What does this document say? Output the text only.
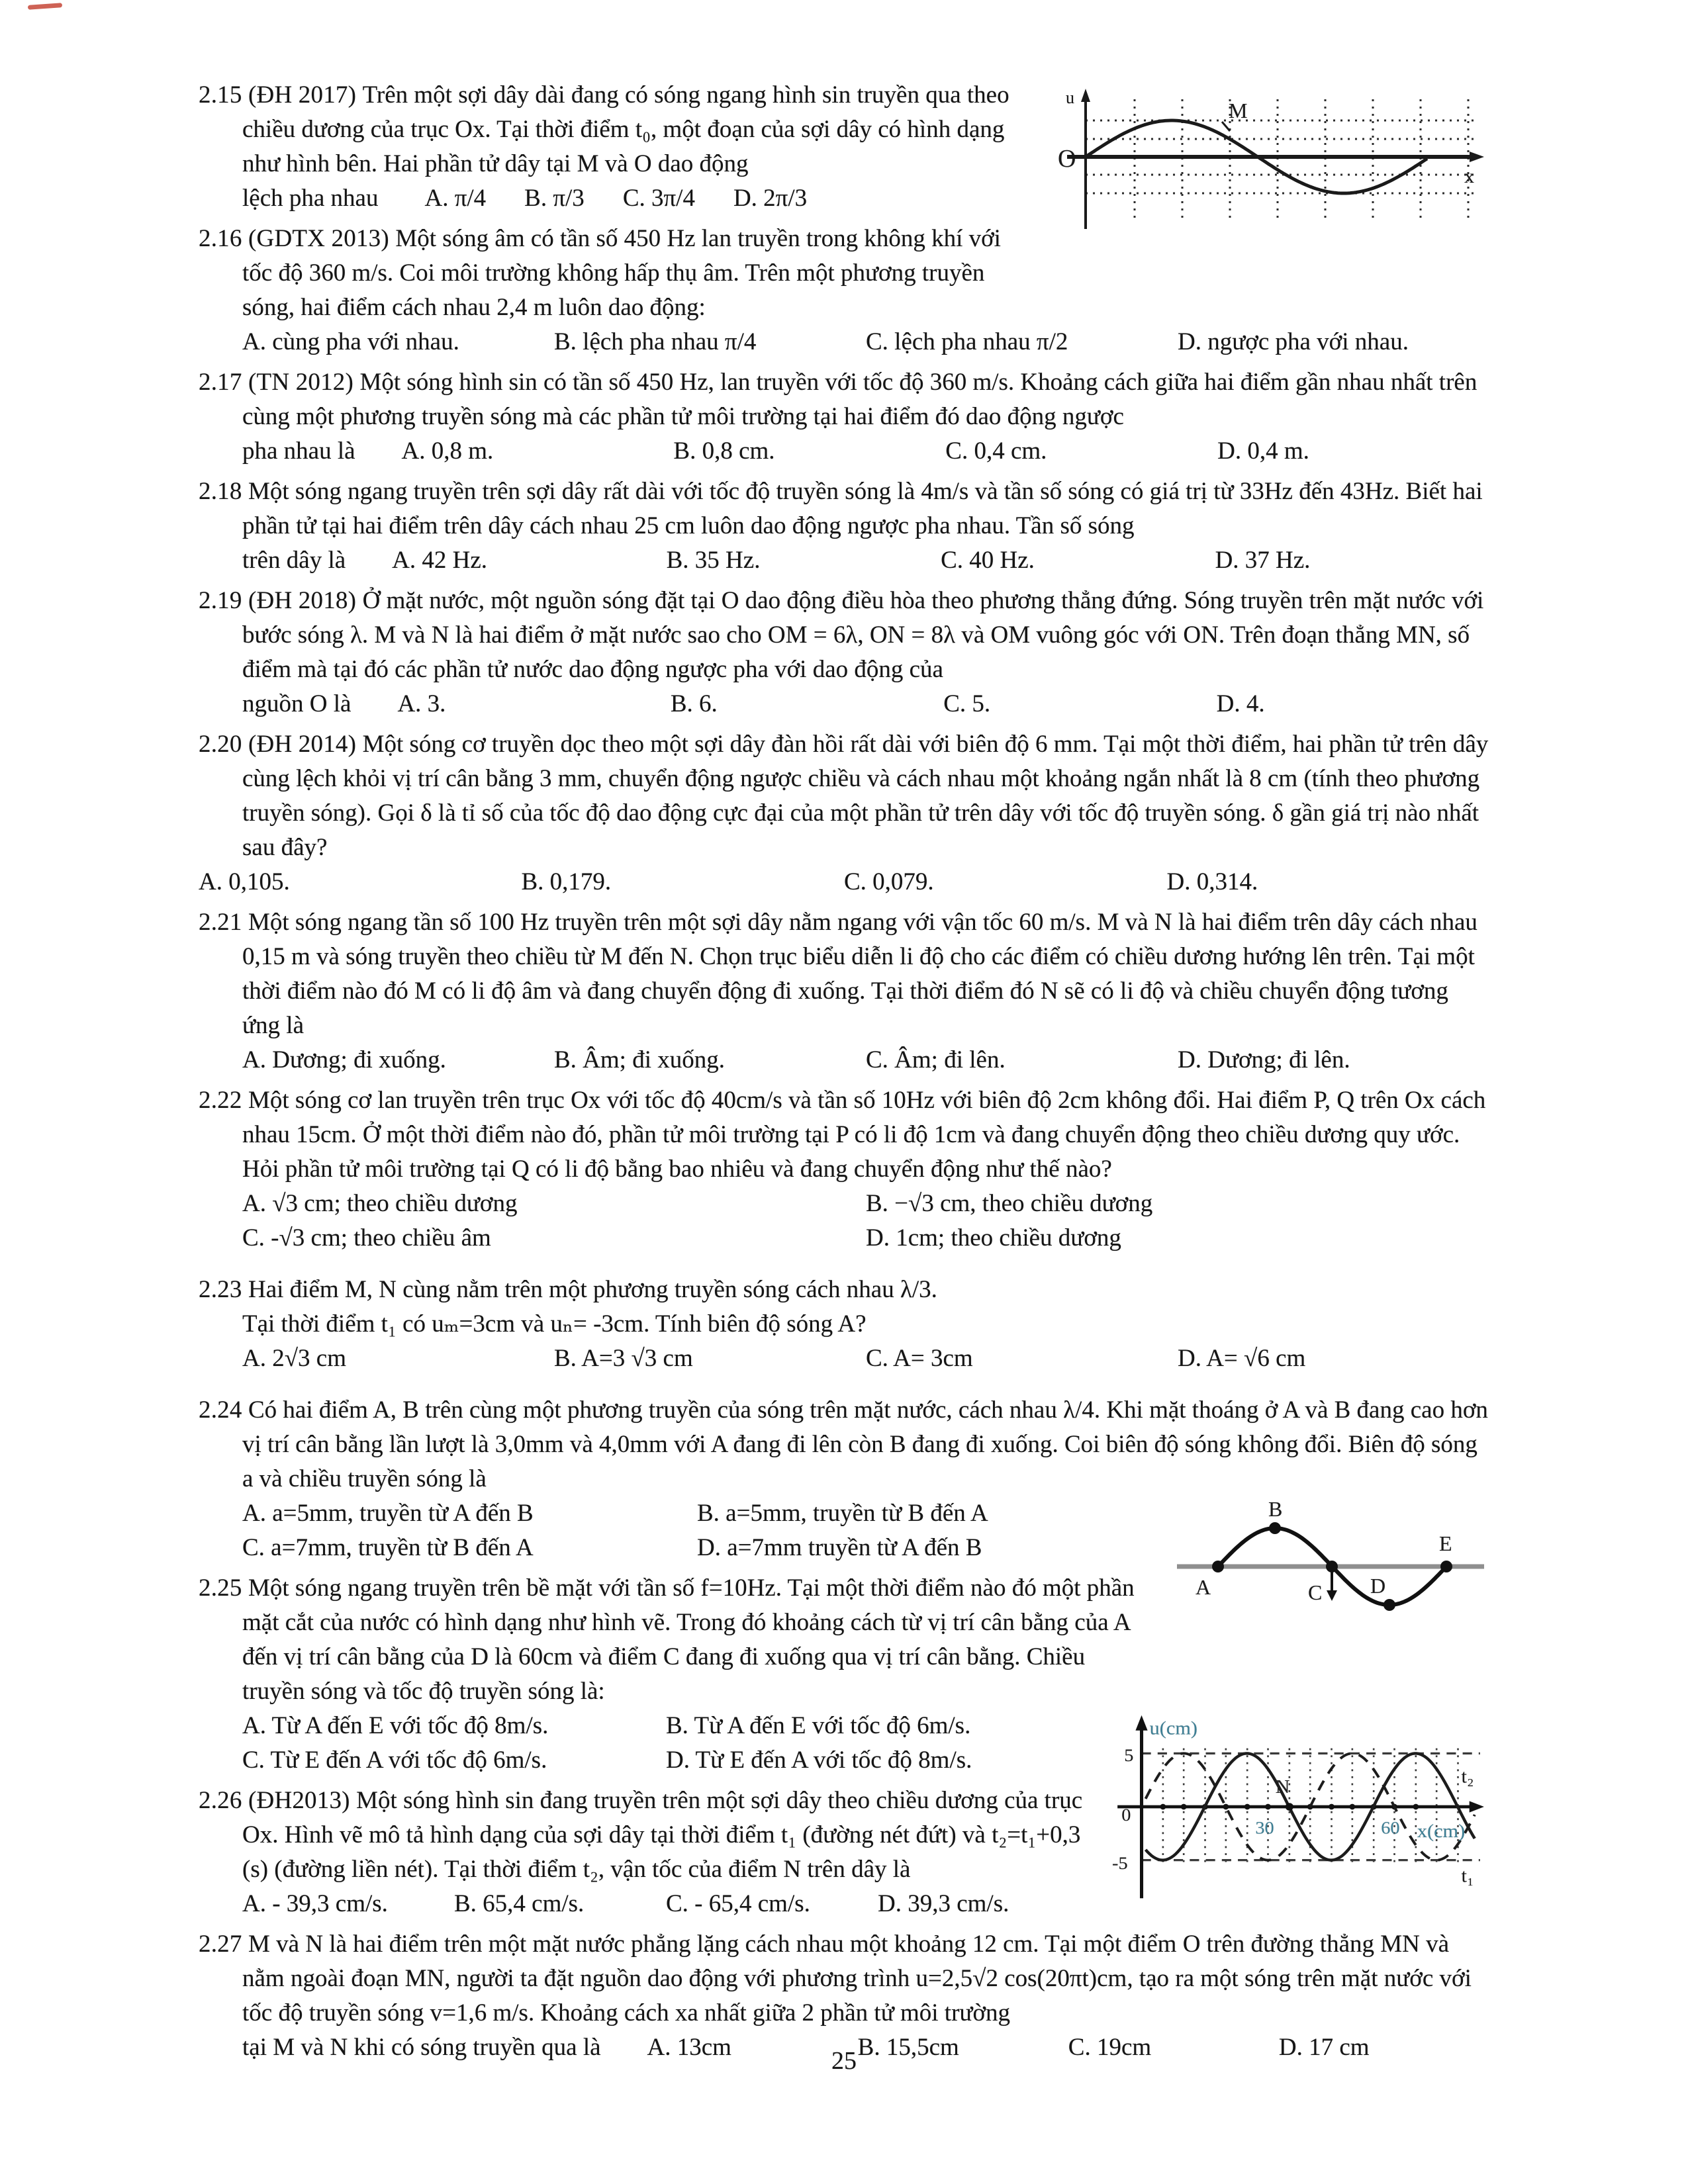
u
O
x
M

2.15 (ĐH 2017) Trên một sợi dây dài đang có sóng ngang hình sin truyền qua theo chiều dương của trục Ox. Tại thời điểm t₀, một đoạn của sợi dây có hình dạng như hình bên. Hai phần tử dây tại M và O dao động

lệch pha nhau A. π/4 B. π/3 C. 3π/4 D. 2π/3

2.16 (GDTX 2013) Một sóng âm có tần số 450 Hz lan truyền trong không khí với tốc độ 360 m/s. Coi môi trường không hấp thụ âm. Trên một phương truyền sóng, hai điểm cách nhau 2,4 m luôn dao động:

A. cùng pha với nhau.	B. lệch pha nhau π/4	C. lệch pha nhau π/2	D. ngược pha với nhau.

2.17 (TN 2012) Một sóng hình sin có tần số 450 Hz, lan truyền với tốc độ 360 m/s. Khoảng cách giữa hai điểm gần nhau nhất trên cùng một phương truyền sóng mà các phần tử môi trường tại hai điểm đó dao động ngược

pha nhau là A. 0,8 m.	B. 0,8 cm.	C. 0,4 cm.	D. 0,4 m.

2.18 Một sóng ngang truyền trên sợi dây rất dài với tốc độ truyền sóng là 4m/s và tần số sóng có giá trị từ 33Hz đến 43Hz. Biết hai phần tử tại hai điểm trên dây cách nhau 25 cm luôn dao động ngược pha nhau. Tần số sóng

trên dây là A. 42 Hz.	B. 35 Hz.	C. 40 Hz.	D. 37 Hz.

2.19 (ĐH 2018) Ở mặt nước, một nguồn sóng đặt tại O dao động điều hòa theo phương thẳng đứng. Sóng truyền trên mặt nước với bước sóng λ. M và N là hai điểm ở mặt nước sao cho OM = 6λ, ON = 8λ và OM vuông góc với ON. Trên đoạn thẳng MN, số điểm mà tại đó các phần tử nước dao động ngược pha với dao động của

nguồn O là A. 3.	B. 6.	C. 5.	D. 4.

2.20 (ĐH 2014) Một sóng cơ truyền dọc theo một sợi dây đàn hồi rất dài với biên độ 6 mm. Tại một thời điểm, hai phần tử trên dây cùng lệch khỏi vị trí cân bằng 3 mm, chuyển động ngược chiều và cách nhau một khoảng ngắn nhất là 8 cm (tính theo phương truyền sóng). Gọi δ là tỉ số của tốc độ dao động cực đại của một phần tử trên dây với tốc độ truyền sóng. δ gần giá trị nào nhất sau đây?

A. 0,105.	B. 0,179.	C. 0,079.	D. 0,314.

2.21 Một sóng ngang tần số 100 Hz truyền trên một sợi dây nằm ngang với vận tốc 60 m/s. M và N là hai điểm trên dây cách nhau 0,15 m và sóng truyền theo chiều từ M đến N. Chọn trục biểu diễn li độ cho các điểm có chiều dương hướng lên trên. Tại một thời điểm nào đó M có li độ âm và đang chuyển động đi xuống. Tại thời điểm đó N sẽ có li độ và chiều chuyển động tương ứng là

A. Dương; đi xuống.	B. Âm; đi xuống.	C. Âm; đi lên.	D. Dương; đi lên.

2.22 Một sóng cơ lan truyền trên trục Ox với tốc độ 40cm/s và tần số 10Hz với biên độ 2cm không đổi. Hai điểm P, Q trên Ox cách nhau 15cm. Ở một thời điểm nào đó, phần tử môi trường tại P có li độ 1cm và đang chuyển động theo chiều dương quy ước. Hỏi phần tử môi trường tại Q có li độ bằng bao nhiêu và đang chuyển động như thế nào?

A. √3 cm; theo chiều dương	B. −√3 cm, theo chiều dương
C. -√3 cm; theo chiều âm	D. 1cm; theo chiều dương

2.23 Hai điểm M, N cùng nằm trên một phương truyền sóng cách nhau λ/3.

Tại thời điểm t₁ có uₘ=3cm và uₙ= -3cm. Tính biên độ sóng A?

A. 2√3 cm	B. A=3 √3 cm	C. A= 3cm	D. A= √6 cm

2.24 Có hai điểm A, B trên cùng một phương truyền của sóng trên mặt nước, cách nhau λ/4. Khi mặt thoáng ở A và B đang cao hơn vị trí cân bằng lần lượt là 3,0mm và 4,0mm với A đang đi lên còn B đang đi xuống. Coi biên độ sóng không đổi. Biên độ sóng a và chiều truyền sóng là

A
B
C D
E
A. a=5mm, truyền từ A đến B	B. a=5mm, truyền từ B đến A
C. a=7mm, truyền từ B đến A	D. a=7mm truyền từ A đến B

2.25 Một sóng ngang truyền trên bề mặt với tần số f=10Hz. Tại một thời điểm nào đó một phần mặt cắt của nước có hình dạng như hình vẽ. Trong đó khoảng cách từ vị trí cân bằng của A đến vị trí cân bằng của D là 60cm và điểm C đang đi xuống qua vị trí cân bằng. Chiều truyền sóng và tốc độ truyền sóng là:

u(cm)
5
-5
0
30	60 x(cm)
N	t₂
t₁
A. Từ A đến E với tốc độ 8m/s.	B. Từ A đến E với tốc độ 6m/s.
C. Từ E đến A với tốc độ 6m/s.	D. Từ E đến A với tốc độ 8m/s.

2.26 (ĐH2013) Một sóng hình sin đang truyền trên một sợi dây theo chiều dương của trục Ox. Hình vẽ mô tả hình dạng của sợi dây tại thời điểm t₁ (đường nét đứt) và t₂=t₁+0,3 (s) (đường liền nét). Tại thời điểm t₂, vận tốc của điểm N trên dây là

A. - 39,3 cm/s.	B. 65,4 cm/s.	C. - 65,4 cm/s.	D. 39,3 cm/s.

2.27 M và N là hai điểm trên một mặt nước phẳng lặng cách nhau một khoảng 12 cm. Tại một điểm O trên đường thẳng MN và nằm ngoài đoạn MN, người ta đặt nguồn dao động với phương trình u=2,5√2 cos(20πt)cm, tạo ra một sóng trên mặt nước với tốc độ truyền sóng v=1,6 m/s. Khoảng cách xa nhất giữa 2 phần tử môi trường

tại M và N khi có sóng truyền qua là A. 13cm	B. 15,5cm	C. 19cm	D. 17 cm
25
